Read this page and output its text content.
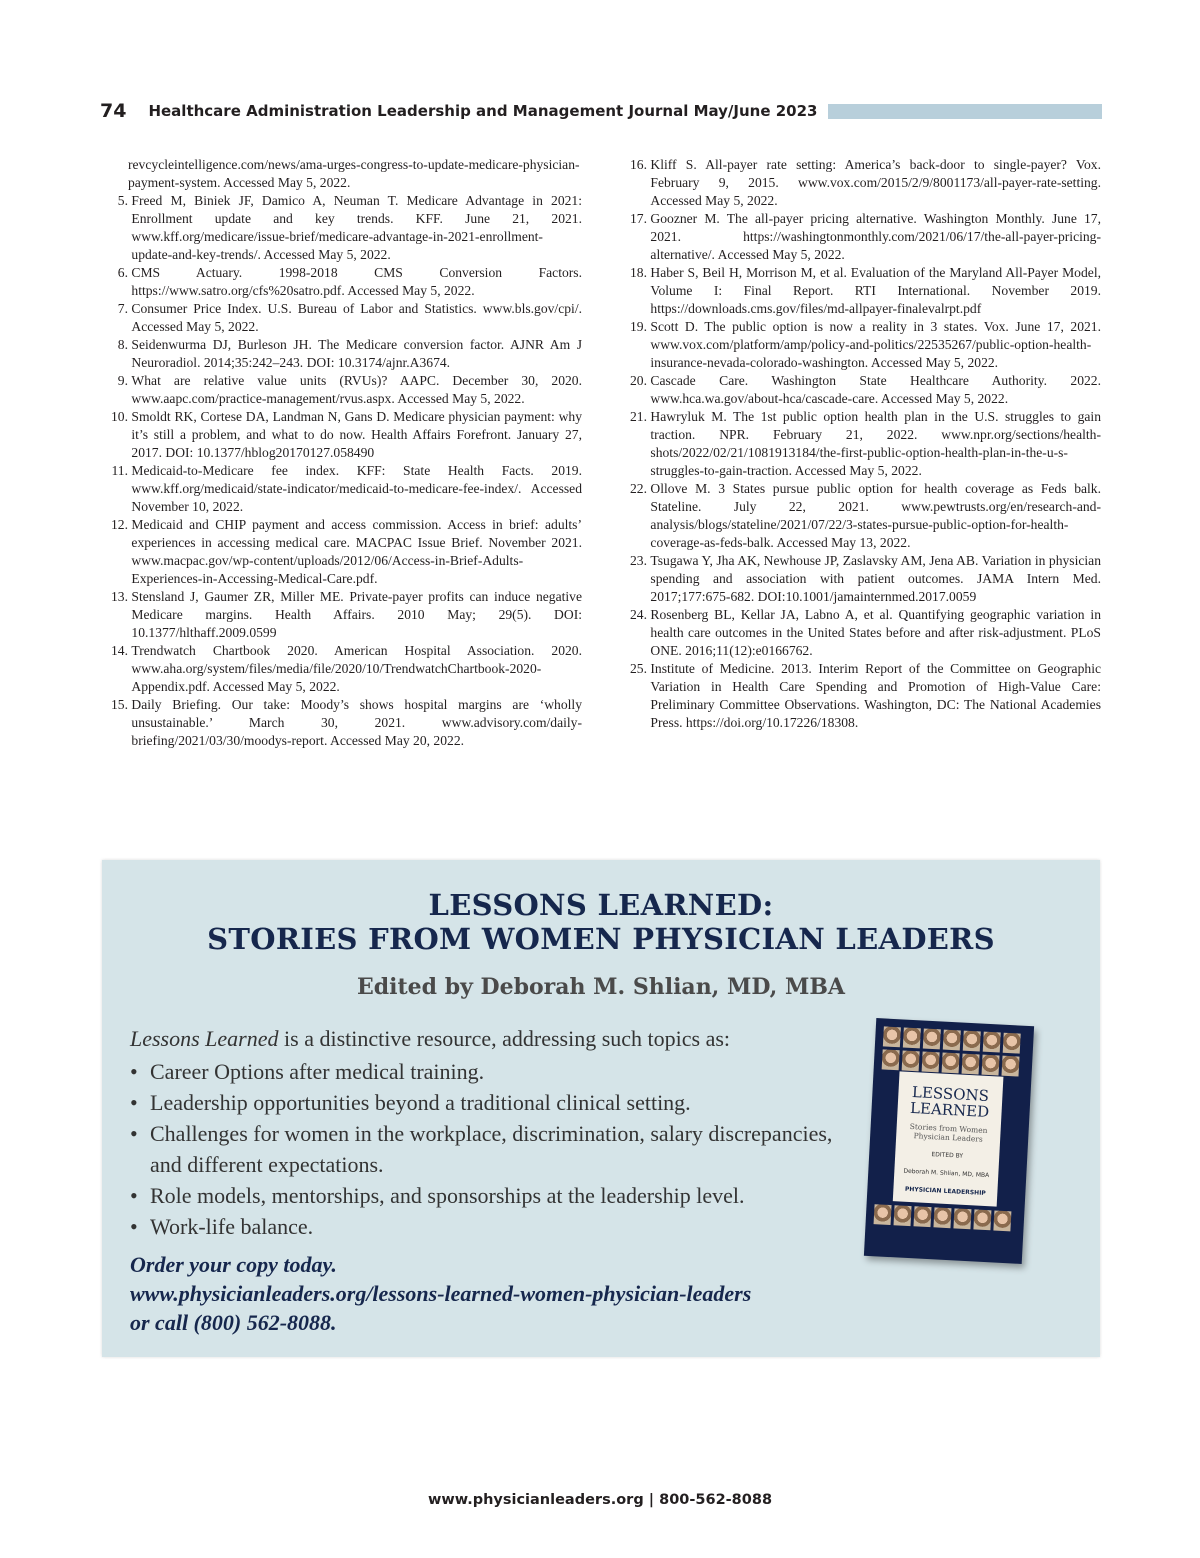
74 Healthcare Administration Leadership and Management Journal May/June 2023
revcycleintelligence.com/news/ama-urges-congress-to-update-medicare-physician-payment-system. Accessed May 5, 2022.
5.
Freed M, Biniek JF, Damico A, Neuman T. Medicare Advantage in 2021: Enrollment update and key trends. KFF. June 21, 2021. www.kff.org/medicare/issue-brief/medicare-advantage-in-2021-enrollment-update-and-key-trends/. Accessed May 5, 2022.
6.
CMS Actuary. 1998-2018 CMS Conversion Factors. https://www.satro.org/cfs%20satro.pdf. Accessed May 5, 2022.
7.
Consumer Price Index. U.S. Bureau of Labor and Statistics. www.bls.gov/cpi/. Accessed May 5, 2022.
8.
Seidenwurma DJ, Burleson JH. The Medicare conversion factor. AJNR Am J Neuroradiol. 2014;35:242–243. DOI: 10.3174/ajnr.A3674.
9.
What are relative value units (RVUs)? AAPC. December 30, 2020. www.aapc.com/practice-management/rvus.aspx. Accessed May 5, 2022.
10.
Smoldt RK, Cortese DA, Landman N, Gans D. Medicare physician payment: why it’s still a problem, and what to do now. Health Affairs Forefront. January 27, 2017. DOI: 10.1377/hblog20170127.058490
11.
Medicaid-to-Medicare fee index. KFF: State Health Facts. 2019. www.kff.org/medicaid/state-indicator/medicaid-to-medicare-fee-index/. Accessed November 10, 2022.
12.
Medicaid and CHIP payment and access commission. Access in brief: adults’ experiences in accessing medical care. MACPAC Issue Brief. November 2021. www.macpac.gov/wp-content/uploads/2012/06/Access-in-Brief-Adults-Experiences-in-Accessing-Medical-Care.pdf.
13.
Stensland J, Gaumer ZR, Miller ME. Private-payer profits can induce negative Medicare margins. Health Affairs. 2010 May; 29(5). DOI: 10.1377/hlthaff.2009.0599
14.
Trendwatch Chartbook 2020. American Hospital Association. 2020. www.aha.org/system/files/media/file/2020/10/TrendwatchChartbook-2020-Appendix.pdf. Accessed May 5, 2022.
15.
Daily Briefing. Our take: Moody’s shows hospital margins are ‘wholly unsustainable.’ March 30, 2021. www.advisory.com/daily-briefing/2021/03/30/moodys-report. Accessed May 20, 2022.
16.
Kliff S. All-payer rate setting: America’s back-door to single-payer? Vox. February 9, 2015. www.vox.com/2015/2/9/8001173/all-payer-rate-setting. Accessed May 5, 2022.
17.
Goozner M. The all-payer pricing alternative. Washington Monthly. June 17, 2021. https://washingtonmonthly.com/2021/06/17/the-all-payer-pricing-alternative/. Accessed May 5, 2022.
18.
Haber S, Beil H, Morrison M, et al. Evaluation of the Maryland All-Payer Model, Volume I: Final Report. RTI International. November 2019. https://downloads.cms.gov/files/md-allpayer-finalevalrpt.pdf
19.
Scott D. The public option is now a reality in 3 states. Vox. June 17, 2021. www.vox.com/platform/amp/policy-and-politics/22535267/public-option-health-insurance-nevada-colorado-washington. Accessed May 5, 2022.
20.
Cascade Care. Washington State Healthcare Authority. 2022. www.hca.wa.gov/about-hca/cascade-care. Accessed May 5, 2022.
21.
Hawryluk M. The 1st public option health plan in the U.S. struggles to gain traction. NPR. February 21, 2022. www.npr.org/sections/health-shots/2022/02/21/1081913184/the-first-public-option-health-plan-in-the-u-s-struggles-to-gain-traction. Accessed May 5, 2022.
22.
Ollove M. 3 States pursue public option for health coverage as Feds balk. Stateline. July 22, 2021. www.pewtrusts.org/en/research-and-analysis/blogs/stateline/2021/07/22/3-states-pursue-public-option-for-health-coverage-as-feds-balk. Accessed May 13, 2022.
23.
Tsugawa Y, Jha AK, Newhouse JP, Zaslavsky AM, Jena AB. Variation in physician spending and association with patient outcomes. JAMA Intern Med. 2017;177:675-682. DOI:10.1001/jamainternmed.2017.0059
24.
Rosenberg BL, Kellar JA, Labno A, et al. Quantifying geographic variation in health care outcomes in the United States before and after risk-adjustment. PLoS ONE. 2016;11(12):e0166762.
25.
Institute of Medicine. 2013. Interim Report of the Committee on Geographic Variation in Health Care Spending and Promotion of High-Value Care: Preliminary Committee Observations. Washington, DC: The National Academies Press. https://doi.org/10.17226/18308.
LESSONS LEARNED:
STORIES FROM WOMEN PHYSICIAN LEADERS
Edited by Deborah M. Shlian, MD, MBA
Lessons Learned is a distinctive resource, addressing such topics as:
• Career Options after medical training.
• Leadership opportunities beyond a traditional clinical setting.
• Challenges for women in the workplace, discrimination, salary discrepancies, and different expectations.
• Role models, mentorships, and sponsorships at the leadership level.
• Work-life balance.
Order your copy today.
www.physicianleaders.org/lessons-learned-women-physician-leaders
or call (800) 562-8088.
LESSONS LEARNED
Stories from Women Physician Leaders
EDITED BY
Deborah M. Shlian, MD, MBA
PHYSICIAN LEADERSHIP
www.physicianleaders.org | 800-562-8088
